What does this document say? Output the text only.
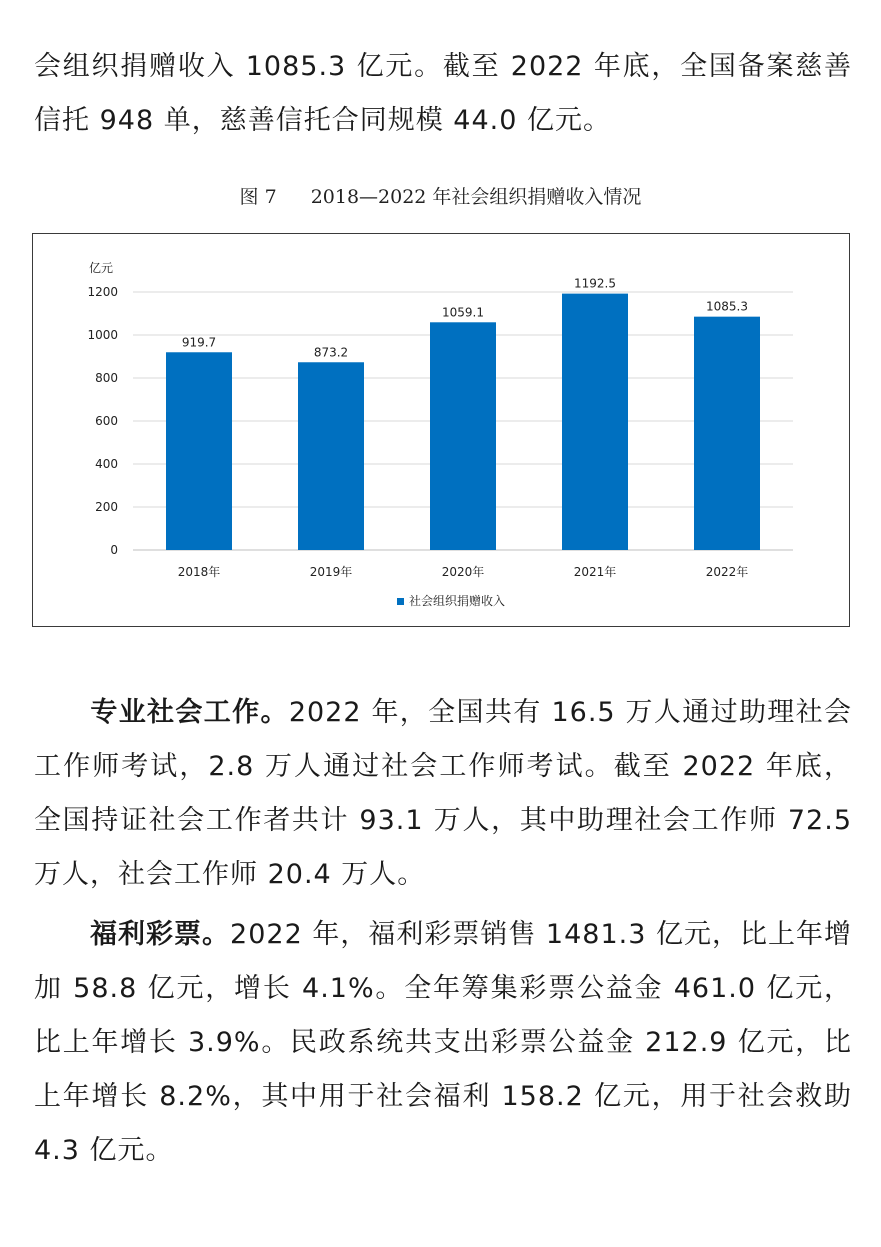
会组织捐赠收入 1085.3 亿元。截至 2022 年底，全国备案慈善信托 948 单，慈善信托合同规模 44.0 亿元。

图 7 2018—2022 年社会组织捐赠收入情况
0
200
400
600
800
1000
1200
919.7
873.2
1059.1
1192.5
1085.3
2018年	2019年	2020年	2021年	2022年
亿元
社会组织捐赠收入

专业社会工作。2022 年，全国共有 16.5 万人通过助理社会工作师考试，2.8 万人通过社会工作师考试。截至 2022 年底，全国持证社会工作者共计 93.1 万人，其中助理社会工作师 72.5 万人，社会工作师 20.4 万人。

福利彩票。2022 年，福利彩票销售 1481.3 亿元，比上年增加 58.8 亿元，增长 4.1%。全年筹集彩票公益金 461.0 亿元，比上年增长 3.9%。民政系统共支出彩票公益金 212.9 亿元，比上年增长 8.2%，其中用于社会福利 158.2 亿元，用于社会救助 4.3 亿元。
